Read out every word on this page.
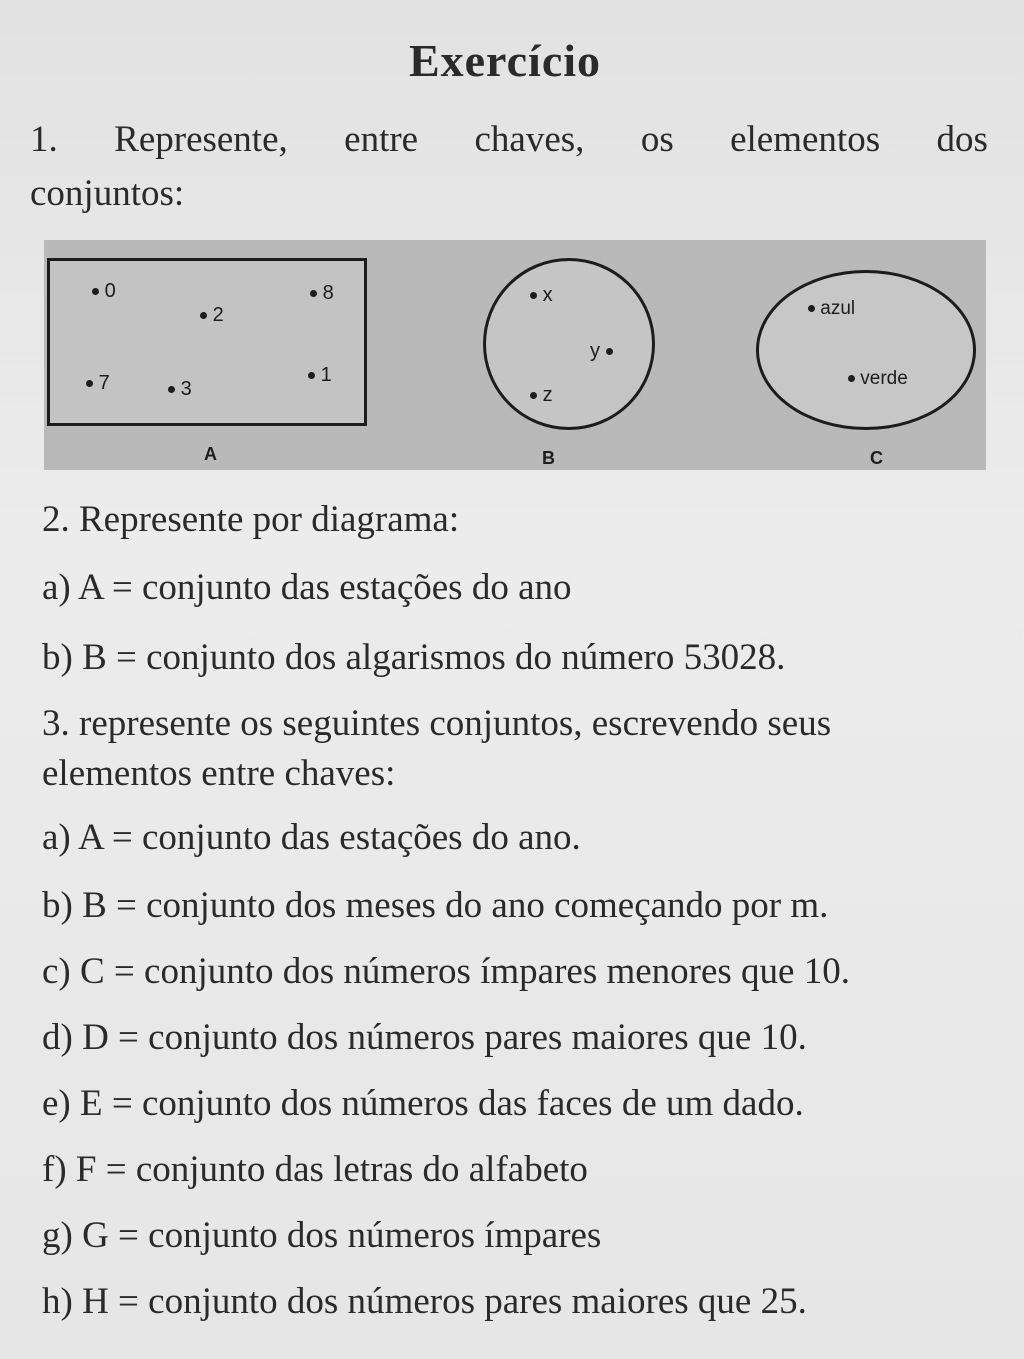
Exercício
1. Represente, entre chaves, os elementos dos
conjuntos:
0
2
8
7	3
1
A
x
y
z
B
azul
verde
C
2. Represente por diagrama:
a) A = conjunto das estações do ano
b) B = conjunto dos algarismos do número 53028.
3. represente os seguintes conjuntos, escrevendo seus
elementos entre chaves:
a) A = conjunto das estações do ano.
b) B = conjunto dos meses do ano começando por m.
c) C = conjunto dos números ímpares menores que 10.
d) D = conjunto dos números pares maiores que 10.
e) E = conjunto dos números das faces de um dado.
f) F = conjunto das letras do alfabeto
g) G = conjunto dos números ímpares
h) H = conjunto dos números pares maiores que 25.
